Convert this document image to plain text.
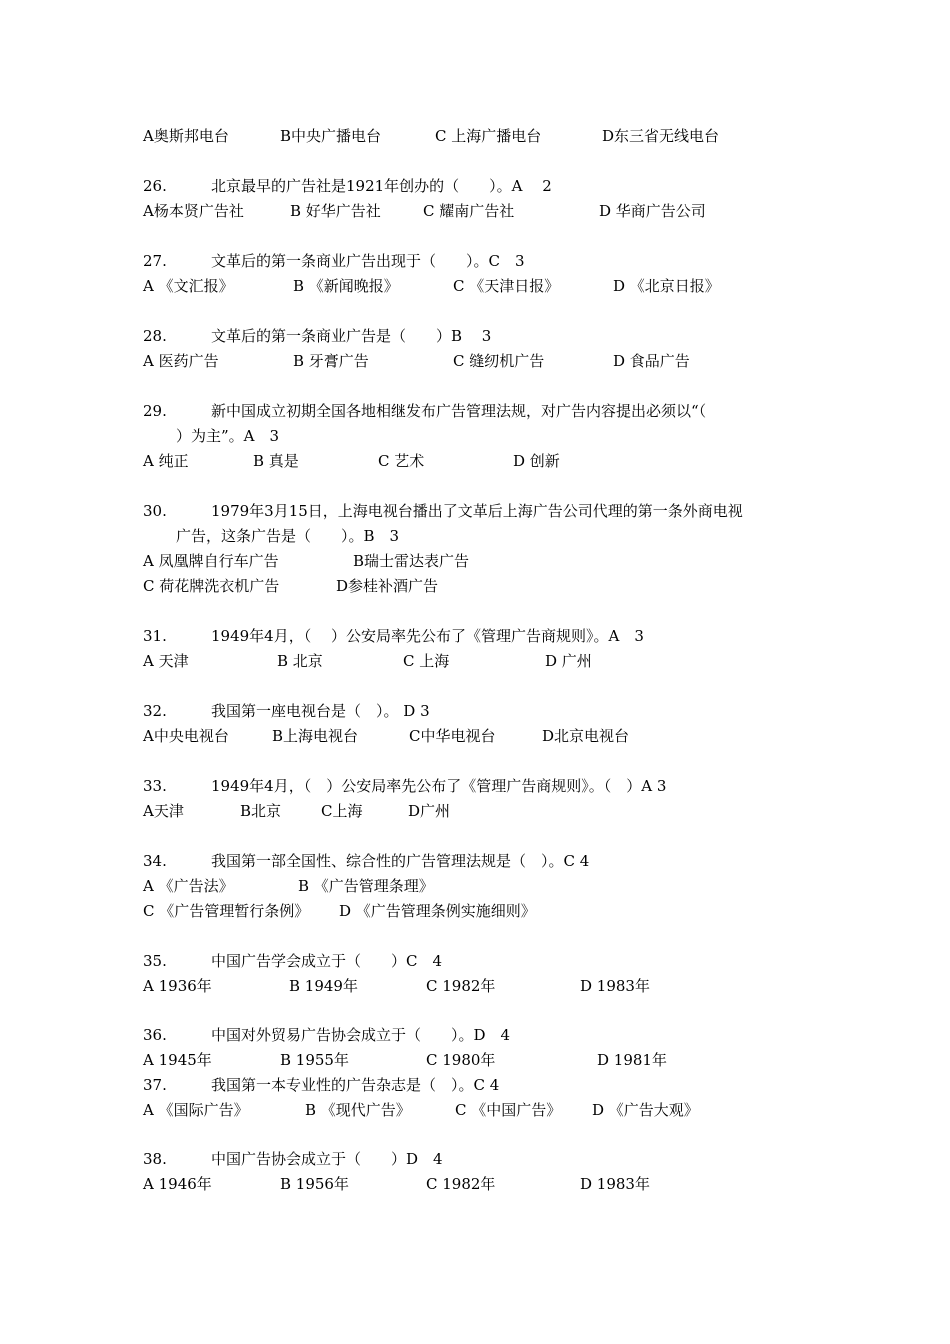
A奥斯邦电台

	B中央广播电台

	C 上海广播电台

	D东三省无线电台

26.

	北京最早的广告社是1921年创办的（　　）。A　 2

A杨本贤广告社

	B 好华广告社

	C 耀南广告社

	D 华商广告公司

27.

	文革后的第一条商业广告出现于（　　）。C　3

A 《文汇报》

	B 《新闻晚报》

	C 《天津日报》

	D 《北京日报》

28.

	文革后的第一条商业广告是（　　）B　 3

A 医药广告

	B 牙膏广告

	C 缝纫机广告

	D 食品广告

29.

	新中国成立初期全国各地相继发布广告管理法规，对广告内容提出必须以“（

）为主”。A　3

A 纯正

	B 真是

	C 艺术

	D 创新

30.

	1979年3月15日，上海电视台播出了文革后上海广告公司代理的第一条外商电视

广告，这条广告是（　　）。B　3

A 凤凰牌自行车广告

	B瑞士雷达表广告

C 荷花牌洗衣机广告

	D参桂补酒广告

31.

	1949年4月，（　 ）公安局率先公布了《管理广告商规则》。A　3

A 天津

	B 北京

	C 上海

	D 广州

32.

	我国第一座电视台是（　）。 D 3

A中央电视台

	B上海电视台

	C中华电视台

	D北京电视台

33.

	1949年4月，（　）公安局率先公布了《管理广告商规则》。（　）A 3

A天津

	B北京

	C上海

	D广州

34.

	我国第一部全国性、综合性的广告管理法规是（　）。C 4

A 《广告法》

	B 《广告管理条理》

C 《广告管理暂行条例》

D 《广告管理条例实施细则》

35.

	中国广告学会成立于（　　）C　4

A 1936年

	B 1949年

	C 1982年

	D 1983年

36.

	中国对外贸易广告协会成立于（　　）。D　4

A 1945年

	B 1955年

	C 1980年

	D 1981年

37.

	我国第一本专业性的广告杂志是（　）。C 4

A 《国际广告》

	B 《现代广告》

	C 《中国广告》

D 《广告大观》

38.

	中国广告协会成立于（　　）D　4

A 1946年

	B 1956年

	C 1982年

	D 1983年
